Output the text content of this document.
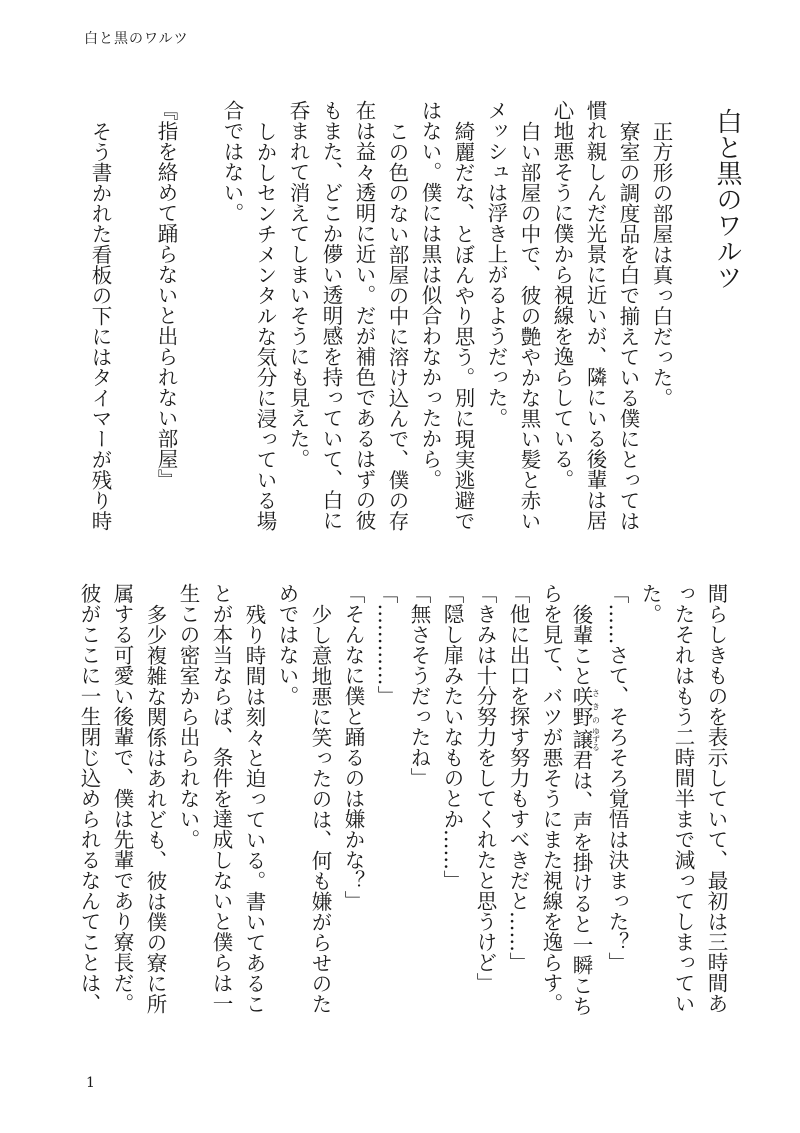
白と黒のワルツ
白と黒のワルツ
正方形の部屋は真っ白だった。
寮室の調度品を白で揃えている僕にとっては
慣れ親しんだ光景に近いが、隣にいる後輩は居
心地悪そうに僕から視線を逸らしている。
白い部屋の中で、彼の艶やかな黒い髪と赤い
メッシュは浮き上がるようだった。
綺麗だな、とぼんやり思う。別に現実逃避で
はない。僕には黒は似合わなかったから。
この色のない部屋の中に溶け込んで、僕の存
在は益々透明に近い。だが補色であるはずの彼
もまた、どこか儚い透明感を持っていて、白に
呑まれて消えてしまいそうにも見えた。
しかしセンチメンタルな気分に浸っている場
合ではない。
『指を絡めて踊らないと出られない部屋』
そう書かれた看板の下にはタイマーが残り時
間らしきものを表示していて、最初は三時間あ
ったそれはもう二時間半まで減ってしまってい
た。
「……さて、そろそろ覚悟は決まった？」
後輩こと咲野さきの譲ゆずる君は、声を掛けると一瞬こち
らを見て、バツが悪そうにまた視線を逸らす。
「他に出口を探す努力もすべきだと……」
「きみは十分努力をしてくれたと思うけど」
「隠し扉みたいなものとか……」
「無さそうだったね」
「…………」
「そんなに僕と踊るのは嫌かな？」
少し意地悪に笑ったのは、何も嫌がらせのた
めではない。
残り時間は刻々と迫っている。書いてあるこ
とが本当ならば、条件を達成しないと僕らは一
生この密室から出られない。
多少複雑な関係はあれども、彼は僕の寮に所
属する可愛い後輩で、僕は先輩であり寮長だ。
彼がここに一生閉じ込められるなんてことは、
1
